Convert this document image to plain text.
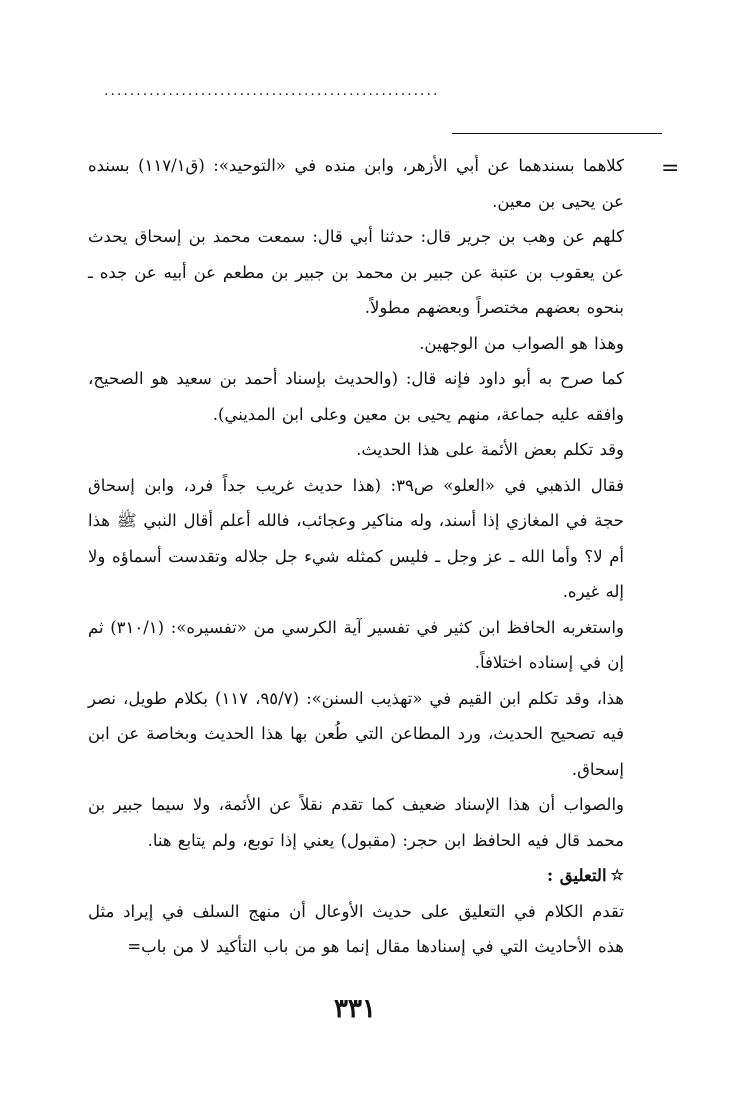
....................................................
=

كلاهما بسندهما عن أبي الأزهر، وابن منده في «التوحيد»: (ق١١٧/١) بسنده عن يحيى بن معين.

كلهم عن وهب بن جرير قال: حدثنا أبي قال: سمعت محمد بن إسحاق يحدث عن يعقوب بن عتبة عن جبير بن محمد بن جبير بن مطعم عن أبيه عن جده ـ بنحوه بعضهم مختصراً وبعضهم مطولاً.

وهذا هو الصواب من الوجهين.

كما صرح به أبو داود فإنه قال: (والحديث بإسناد أحمد بن سعيد هو الصحيح، وافقه عليه جماعة، منهم يحيى بن معين وعلى ابن المديني).

وقد تكلم بعض الأئمة على هذا الحديث.

فقال الذهبي في «العلو» ص٣٩: (هذا حديث غريب جداً فرد، وابن إسحاق حجة في المغازي إذا أسند، وله مناكير وعجائب، فالله أعلم أقال النبي ﷺ هذا أم لا؟ وأما الله ـ عز وجل ـ فليس كمثله شيء جل جلاله وتقدست أسماؤه ولا إله غيره.

واستغربه الحافظ ابن كثير في تفسير آية الكرسي من «تفسيره»: (٣١٠/١) ثم إن في إسناده اختلافاً.

هذا، وقد تكلم ابن القيم في «تهذيب السنن»: (٩٥/٧، ١١٧) بكلام طويل، نصر فيه تصحيح الحديث، ورد المطاعن التي طُعن بها هذا الحديث وبخاصة عن ابن إسحاق.

والصواب أن هذا الإسناد ضعيف كما تقدم نقلاً عن الأئمة، ولا سيما جبير بن محمد قال فيه الحافظ ابن حجر: (مقبول) يعني إذا توبع، ولم يتابع هنا.

☆التعليق :

تقدم الكلام في التعليق على حديث الأوعال أن منهج السلف في إيراد مثل هذه الأحاديث التي في إسنادها مقال إنما هو من باب التأكيد لا من باب=

٣٣١
